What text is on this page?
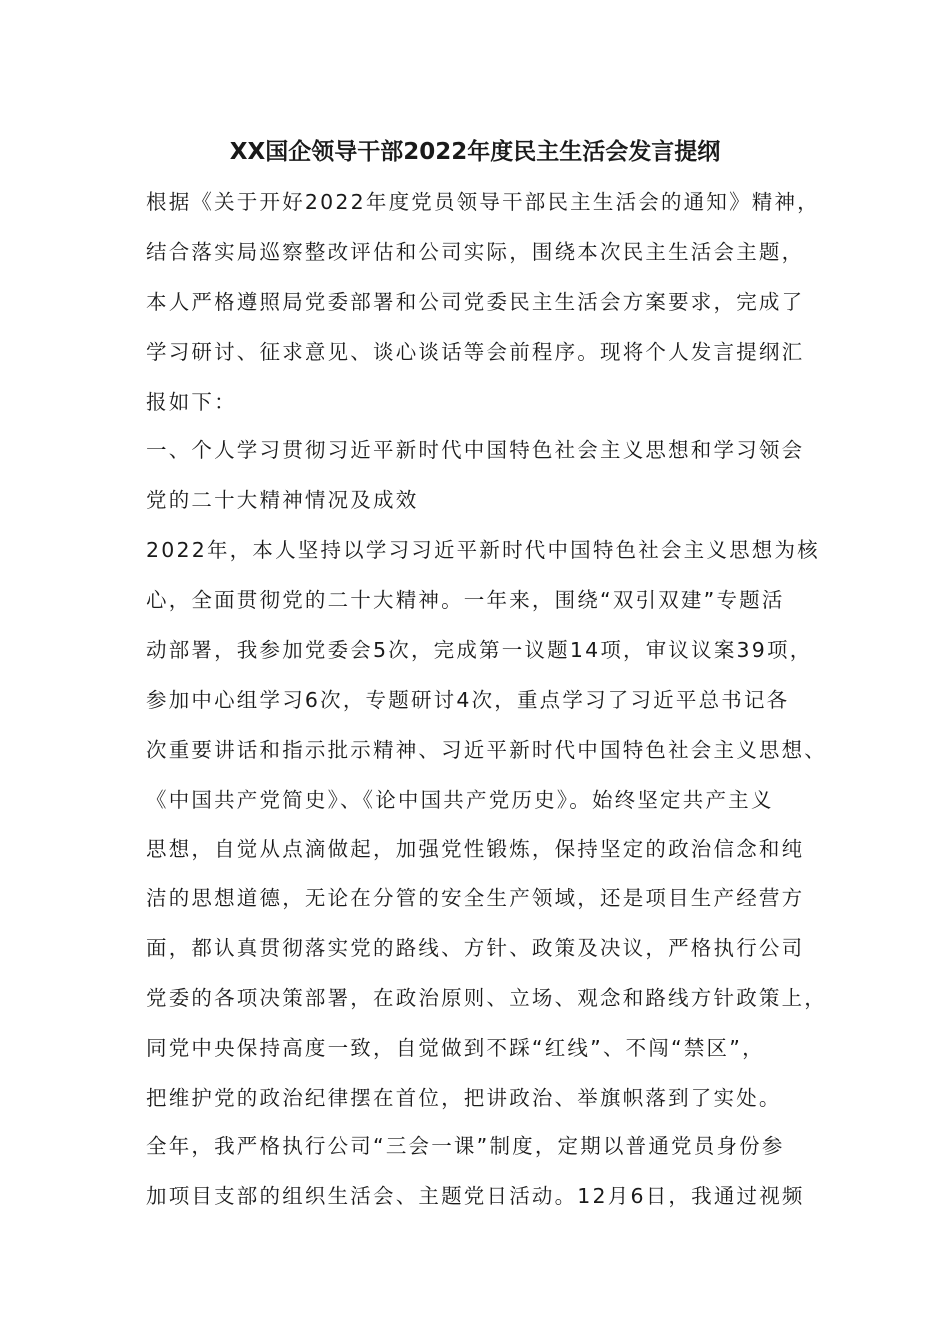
XX国企领导干部2022年度民主生活会发言提纲
根据《关于开好2022年度党员领导干部民主生活会的通知》精神，
结合落实局巡察整改评估和公司实际，围绕本次民主生活会主题，
本人严格遵照局党委部署和公司党委民主生活会方案要求，完成了
学习研讨、征求意见、谈心谈话等会前程序。现将个人发言提纲汇
报如下：
一、个人学习贯彻习近平新时代中国特色社会主义思想和学习领会
党的二十大精神情况及成效
2022年，本人坚持以学习习近平新时代中国特色社会主义思想为核
心，全面贯彻党的二十大精神。一年来，围绕“双引双建”专题活
动部署，我参加党委会5次，完成第一议题14项，审议议案39项，
参加中心组学习6次，专题研讨4次，重点学习了习近平总书记各
次重要讲话和指示批示精神、习近平新时代中国特色社会主义思想、
《中国共产党简史》、《论中国共产党历史》。始终坚定共产主义
思想，自觉从点滴做起，加强党性锻炼，保持坚定的政治信念和纯
洁的思想道德，无论在分管的安全生产领域，还是项目生产经营方
面，都认真贯彻落实党的路线、方针、政策及决议，严格执行公司
党委的各项决策部署，在政治原则、立场、观念和路线方针政策上，
同党中央保持高度一致，自觉做到不踩“红线”、不闯“禁区”，
把维护党的政治纪律摆在首位，把讲政治、举旗帜落到了实处。
全年，我严格执行公司“三会一课”制度，定期以普通党员身份参
加项目支部的组织生活会、主题党日活动。12月6日，我通过视频
